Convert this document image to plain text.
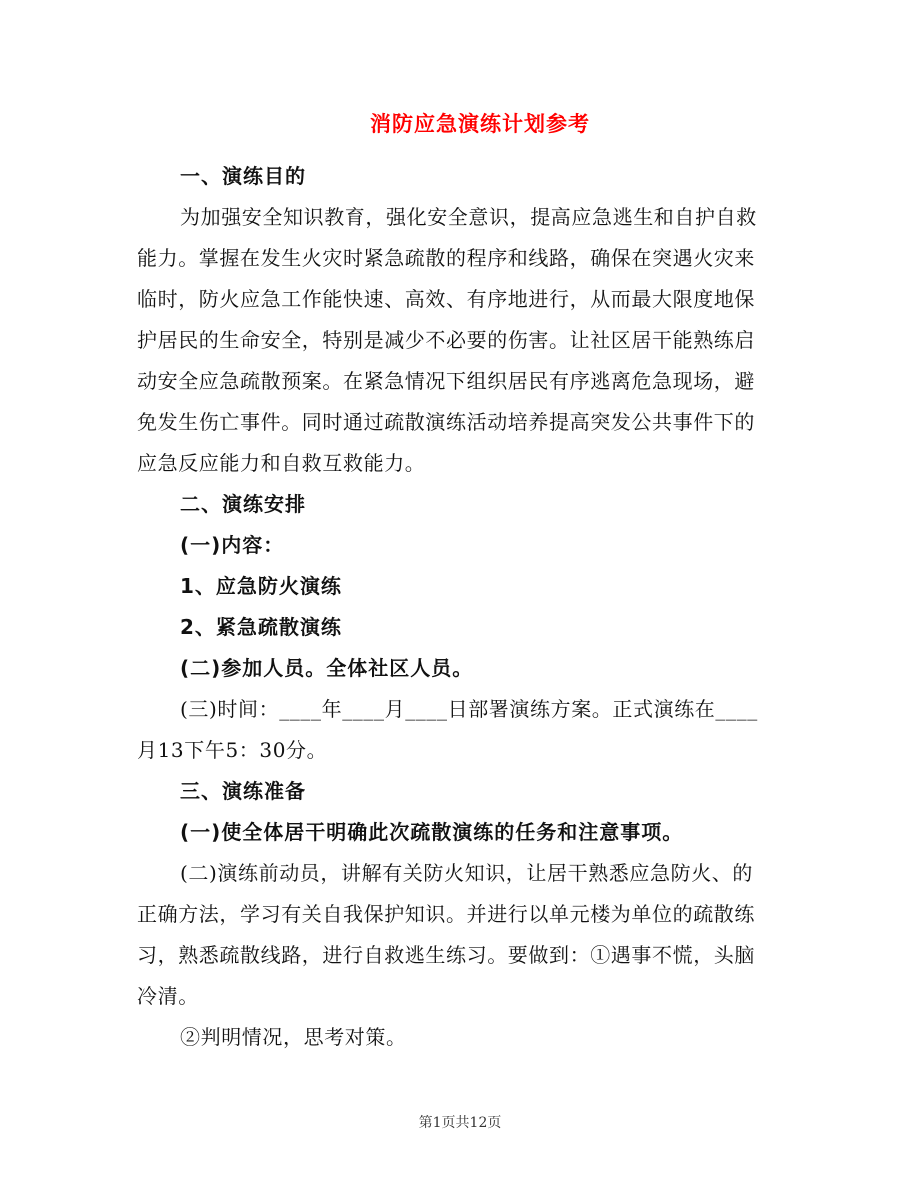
消防应急演练计划参考

一、演练目的

为加强安全知识教育，强化安全意识，提高应急逃生和自护自救

能力。掌握在发生火灾时紧急疏散的程序和线路，确保在突遇火灾来

临时，防火应急工作能快速、高效、有序地进行，从而最大限度地保

护居民的生命安全，特别是减少不必要的伤害。让社区居干能熟练启

动安全应急疏散预案。在紧急情况下组织居民有序逃离危急现场，避

免发生伤亡事件。同时通过疏散演练活动培养提高突发公共事件下的

应急反应能力和自救互救能力。

二、演练安排

(一)内容：

1、应急防火演练

2、紧急疏散演练

(二)参加人员。全体社区人员。

(三)时间：____年____月____日部署演练方案。正式演练在____

月13下午5：30分。

三、演练准备

(一)使全体居干明确此次疏散演练的任务和注意事项。

(二)演练前动员，讲解有关防火知识，让居干熟悉应急防火、的

正确方法，学习有关自我保护知识。并进行以单元楼为单位的疏散练

习，熟悉疏散线路，进行自救逃生练习。要做到：①遇事不慌，头脑

冷清。

②判明情况，思考对策。

第1页共12页
